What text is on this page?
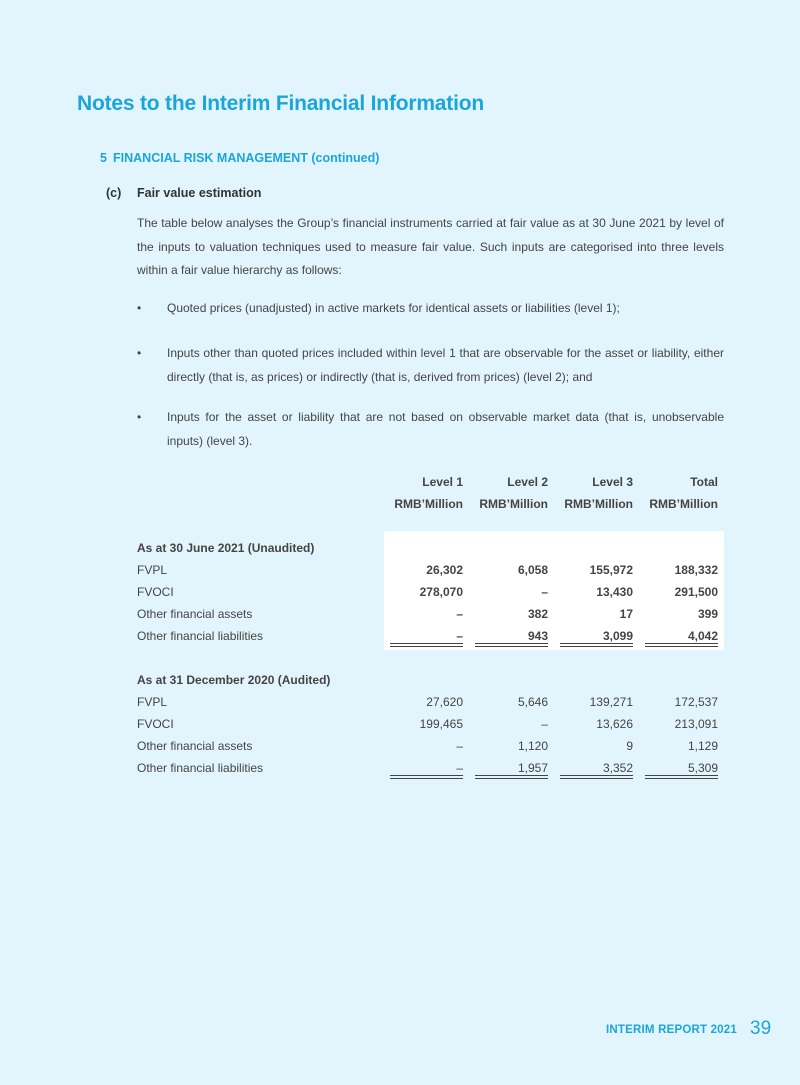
Notes to the Interim Financial Information
5 FINANCIAL RISK MANAGEMENT (continued)
(c) Fair value estimation
The table below analyses the Group’s financial instruments carried at fair value as at 30 June 2021 by level of the inputs to valuation techniques used to measure fair value. Such inputs are categorised into three levels within a fair value hierarchy as follows:
• Quoted prices (unadjusted) in active markets for identical assets or liabilities (level 1);
• Inputs other than quoted prices included within level 1 that are observable for the asset or liability, either directly (that is, as prices) or indirectly (that is, derived from prices) (level 2); and
• Inputs for the asset or liability that are not based on observable market data (that is, unobservable inputs) (level 3).
	Level 1	Level 2	Level 3	Total
	RMB’Million	RMB’Million	RMB’Million	RMB’Million

As at 30 June 2021 (Unaudited)				
FVPL	26,302	6,058	155,972	188,332
FVOCI	278,070	–	13,430	291,500
Other financial assets	–	382	17	399
Other financial liabilities	–	943	3,099	4,042

As at 31 December 2020 (Audited)				
FVPL	27,620	5,646	139,271	172,537
FVOCI	199,465	–	13,626	213,091
Other financial assets	–	1,120	9	1,129
Other financial liabilities	–	1,957	3,352	5,309
INTERIM REPORT 2021 39
